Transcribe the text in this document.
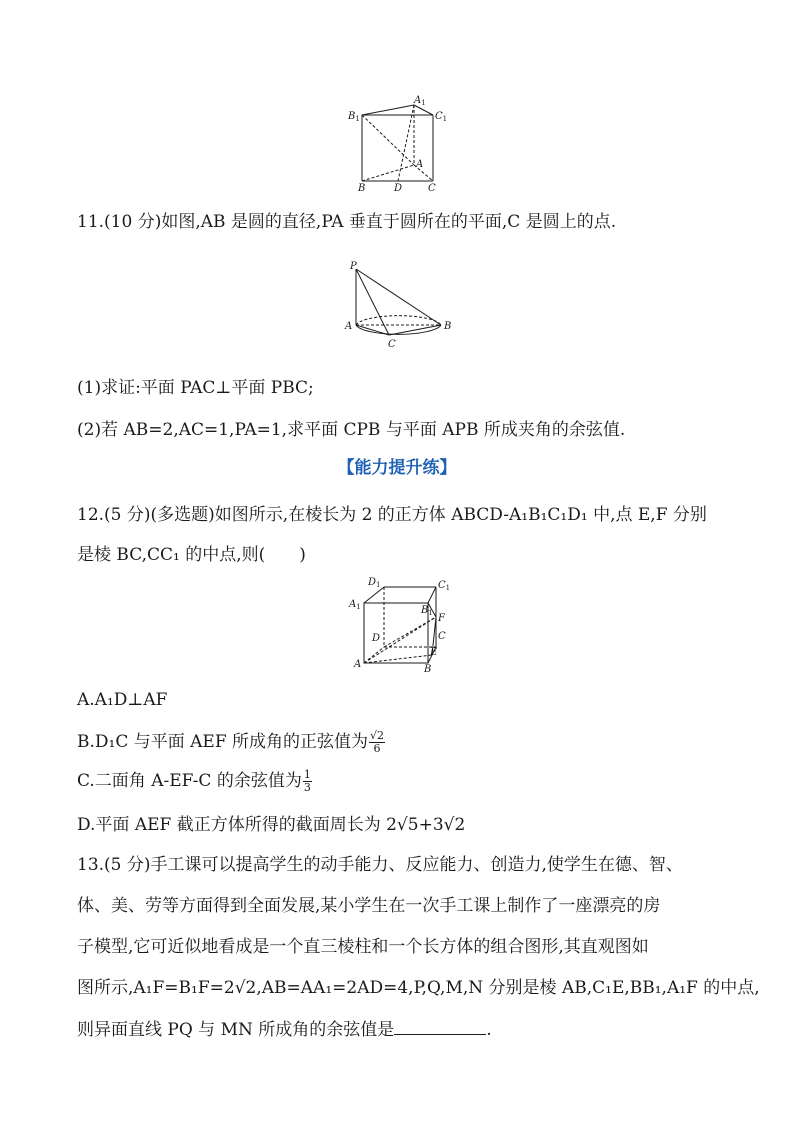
$B_1$
$A_1$
$C_1$
A
B	D	C
11.(10 分)如图,AB 是圆的直径,PA 垂直于圆所在的平面,C 是圆上的点.
P
A	B
C
(1)求证:平面 PAC⊥平面 PBC;
(2)若 AB=2,AC=1,PA=1,求平面 CPB 与平面 APB 所成夹角的余弦值.
【能力提升练】
12.(5 分)(多选题)如图所示,在棱长为 2 的正方体 ABCD-A₁B₁C₁D₁ 中,点 E,F 分别
是棱 BC,CC₁ 的中点,则(　　)
$D_1$	$C_1$
$A_1$	$B_1$ F
D	C
E
A	B
A.A₁D⊥AF
B.D₁C 与平面 AEF 所成角的正弦值为 $\frac{√2}{6}$
C.二面角 A-EF-C 的余弦值为 $\frac{1}{3}$
D.平面 AEF 截正方体所得的截面周长为 2√5+3√2
13.(5 分)手工课可以提高学生的动手能力、反应能力、创造力,使学生在德、智、
体、美、劳等方面得到全面发展,某小学生在一次手工课上制作了一座漂亮的房
子模型,它可近似地看成是一个直三棱柱和一个长方体的组合图形,其直观图如
图所示,A₁F=B₁F=2√2,AB=AA₁=2AD=4,P,Q,M,N 分别是棱 AB,C₁E,BB₁,A₁F 的中点,
则异面直线 PQ 与 MN 所成角的余弦值是	.
